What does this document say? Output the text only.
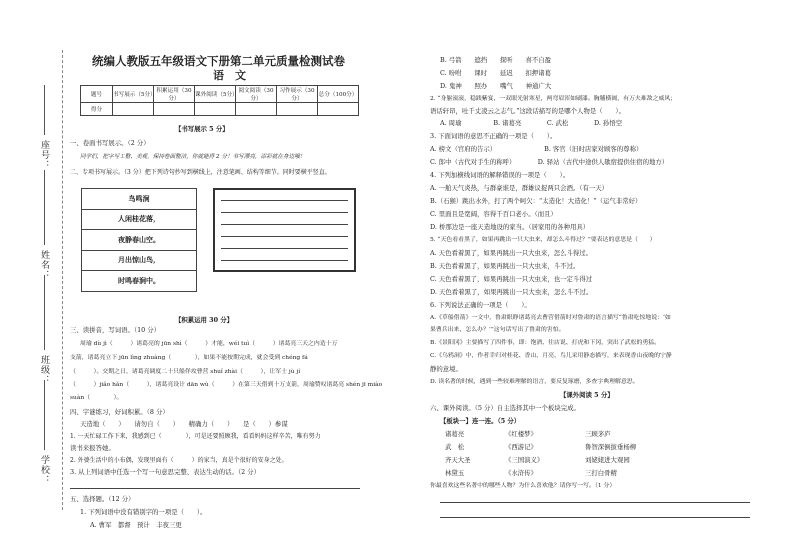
座号：
姓名：
班级：
学校：
统编人教版五年级语文下册第二单元质量检测试卷
语　文
题号	书写展示（5分）	积累运用（30分）	课外阅读（5分）	阅文阅读（30分）	习作展示（30分）	总分（100分）
得分						
【书写展示 5 分】
一、卷面书写展示。（2 分）
同学们，把字写工整、美观，保持卷面整洁，你就能得 2 分！书写漂亮，添彩就在身边哦！
二、专项书写展示。（3 分）把下列诗句抄写到横线上，注意笔画、结构等细节。同时要横平竖直。
鸟鸣涧
人闲桂花落，
夜静春山空。
月出惊山鸟，
时鸣春涧中。
【积累运用 30 分】
三、读拼音，写词语。（10 分）
周瑜 dù jì（　　　）诸葛亮的 jūn shì（　　　）才能，wéi tuì（　　　）诸葛亮三天之内造十万
支箭，诸葛亮立下 jūn lìng zhuàng（　　　　），如果不能按期完成，就会受到 chéng fá
（　　　）。交期之日，诸葛亮调度二十只船佯攻曹营 shuǐ zhài（　　　），让军士 jù jí
（　　　）jiǎo hǎn（　　　），诸葛亮设计 dān wù（　　　）在第三天借到十万支箭，周瑜赞叹诸葛亮 shén jī miào
suàn（　　　　）。
四、字谜练习，好词积累。（8 分）
天造地（　　）　　请勿自（　　）　　精确力（　　）　　是（　　）参谋
1. 一天忙碌工作下来，我感到已（　　　　），可是还要照顾我，看看妈妈这样辛苦，唯有努力
读书来报答她。
2. 外婆生活中的小布偶，发现里面有（　　　）的家当，真是个很好的安身之处。
3. 从上列词语中任选一个写一句意思完整、表达生动的话。（2 分）
五、选择题。（12 分）
1. 下列词语中没有错别字的一项是（　　）。
A. 曹军　都督　预计　丰夜三更
B. 弓箭　　遮挡　　探听　　喜不自盈
C. 吩咐　　课时　　延迟　　扣押诸葛
D. 鬼神　　照办　　嘴气　　神通广大
2. “身躯滚滚，稳践紫宴，一双眼光射寒星，两弯眉浑如刷漆。胸脯横阔，有万夫难敌之威风；
语话轩昂，吐千丈凌云之志气。”这段话描写的是哪个人物是（　　）。
A. 周瑜　　　　　B. 诸葛亮　　　　C. 武松　　　　D. 孙悟空
3. 下面词语的意思不正确的一项是（　　）。
A. 榜文（官府的告示）　　　　　　　　B. 客官（旧时店家对顾客的尊称）
C. 郎中（古代对手生的称呼）　　　　D. 驿站（古代中途供人歇宿提供住宿的地方）
4. 下列加横线词语的解释错误的一项是（　　）。
A. 一舶天气炎热，与群豪谁是，群雄议捉两只会酒。（有一天）
B.（石猴）跳出水外，打了两个呵欠：“太造化！大造化！”（运气非常好）
C. 里面且是宽阔，容得千百口老小。（而且）
D. 桥那边是一座天造地设的家当。（居家用的各种用具）
5. “天色看看黑了，如果再跳出一只大虫来，却怎么斗得过？”要表达的意思是（　　）
A. 天色看着黑了，如果再跳出一只大虫来，怎么斗得过。
B. 天色看着黑了，如果再跳出一只大虫来，斗不过。
C. 天色看着黑了，如果再跳出一只大虫来，也一定斗得过
D. 天色看着黑了，如果再跳出一只大虫来，怎么斗不过。
6. 下列说法正确的一项是（　　）。
A.《草船借箭》一文中，鲁肃眼睁诸葛亮去曹营借箭时对鲁肃的语言描写“鲁肃吃惊地说：‘如
果曹兵出来，怎么办？’”这句话写出了鲁肃的害怕。
B.《景阳冈》主要描写了四件事，即：饱酒、往店说、打虎和下冈，突出了武松的勇猛。
C.《乌鸦洞》中，作者幸归对桂花、香山、月亮、鸟儿采用静态描写，来表现香山夜晚的宁静
静的意境。
D. 读名著的时候，遇到一些较难理解的语言，要反复琢磨，多查字典理解意思。
【课外阅读 5 分】
六、课外阅读。（5 分）自主选择其中一个板块完成。
【板块一】连一连。（5 分）
诸葛亮	《红楼梦》	三顾茅庐
武　松	《西游记》	鲁智深倒拔垂杨柳
齐天大圣	《三国演义》	刘姥姥进大观园
林黛玉	《水浒传》	三打白骨精
你最喜欢这些名著中的哪些人物？为什么喜欢他？请你写一写。（1 分）
